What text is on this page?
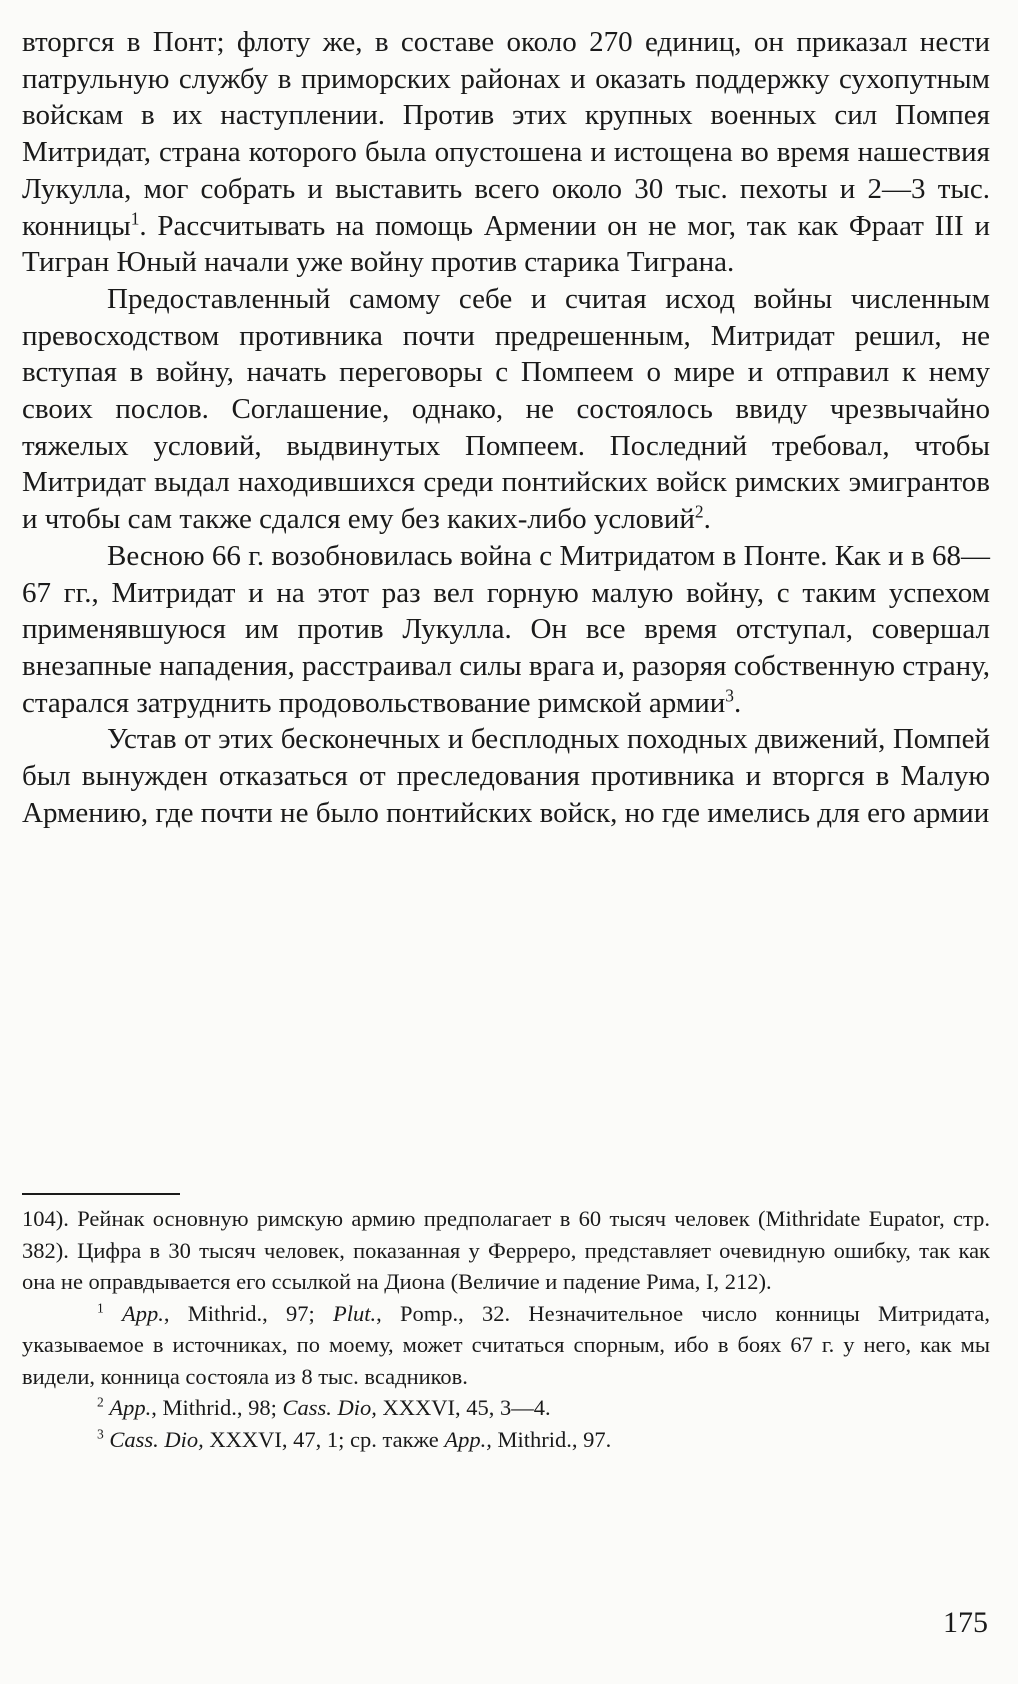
вторгся в Понт; флоту же, в составе около 270 единиц, он приказал нести патрульную службу в приморских районах и оказать поддержку сухопутным войскам в их наступлении. Против этих крупных военных сил Помпея Митридат, страна которого была опустошена и истощена во время нашествия Лукулла, мог собрать и выставить всего около 30 тыс. пехоты и 2—3 тыс. конницы$^1$. Рассчитывать на помощь Армении он не мог, так как Фраат III и Тигран Юный начали уже войну против старика Тиграна.

Предоставленный самому себе и считая исход войны численным превосходством противника почти предрешенным, Митридат решил, не вступая в войну, начать переговоры с Помпеем о мире и отправил к нему своих послов. Соглашение, однако, не состоялось ввиду чрезвычайно тяжелых условий, выдвинутых Помпеем. Последний требовал, чтобы Митридат выдал находившихся среди понтийских войск римских эмигрантов и чтобы сам также сдался ему без каких-либо условий$^2$.

Весною 66 г. возобновилась война с Митридатом в Понте. Как и в 68—67 гг., Митридат и на этот раз вел горную малую войну, с таким успехом применявшуюся им против Лукулла. Он все время отступал, совершал внезапные нападения, расстраивал силы врага и, разоряя собственную страну, старался затруднить продовольствование римской армии$^3$.

Устав от этих бесконечных и бесплодных походных движений, Помпей был вынужден отказаться от преследования противника и вторгся в Малую Армению, где почти не было понтийских войск, но где имелись для его армии

104). Рейнак основную римскую армию предполагает в 60 тысяч человек (Mithridate Eupator, стр. 382). Цифра в 30 тысяч человек, показанная у Ферреро, представляет очевидную ошибку, так как она не оправдывается его ссылкой на Диона (Величие и падение Рима, I, 212).

$^1$ App., Mithrid., 97; Plut., Pomp., 32. Незначительное число конницы Митридата, указываемое в источниках, по моему, может считаться спорным, ибо в боях 67 г. у него, как мы видели, конница состояла из 8 тыс. всадников.

$^2$ App., Mithrid., 98; Cass. Dio, XXXVI, 45, 3—4.

$^3$ Cass. Dio, XXXVI, 47, 1; ср. также App., Mithrid., 97.

175
